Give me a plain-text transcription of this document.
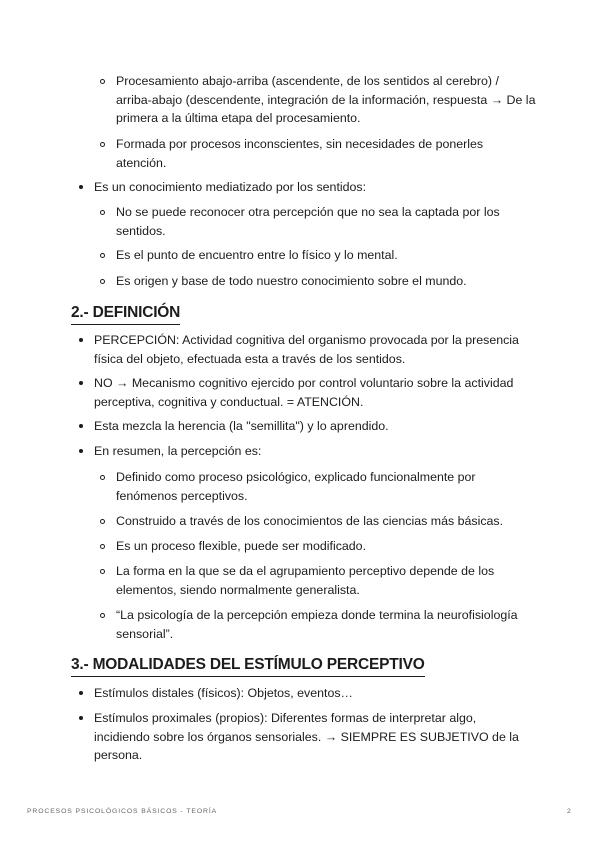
Procesamiento abajo-arriba (ascendente, de los sentidos al cerebro) / arriba-abajo (descendente, integración de la información, respuesta → De la primera a la última etapa del procesamiento.
Formada por procesos inconscientes, sin necesidades de ponerles atención.
Es un conocimiento mediatizado por los sentidos:
No se puede reconocer otra percepción que no sea la captada por los sentidos.
Es el punto de encuentro entre lo físico y lo mental.
Es origen y base de todo nuestro conocimiento sobre el mundo.
2.- DEFINICIÓN
PERCEPCIÓN: Actividad cognitiva del organismo provocada por la presencia física del objeto, efectuada esta a través de los sentidos.
NO → Mecanismo cognitivo ejercido por control voluntario sobre la actividad perceptiva, cognitiva y conductual. = ATENCIÓN.
Esta mezcla la herencia (la "semillita") y lo aprendido.
En resumen, la percepción es:
Definido como proceso psicológico, explicado funcionalmente por fenómenos perceptivos.
Construido a través de los conocimientos de las ciencias más básicas.
Es un proceso flexible, puede ser modificado.
La forma en la que se da el agrupamiento perceptivo depende de los elementos, siendo normalmente generalista.
“La psicología de la percepción empieza donde termina la neurofisiología sensorial”.
3.- MODALIDADES DEL ESTÍMULO PERCEPTIVO
Estímulos distales (físicos): Objetos, eventos…
Estímulos proximales (propios): Diferentes formas de interpretar algo, incidiendo sobre los órganos sensoriales. → SIEMPRE ES SUBJETIVO de la persona.
PROCESOS PSICOLÓGICOS BÁSICOS - TEORÍA	2
